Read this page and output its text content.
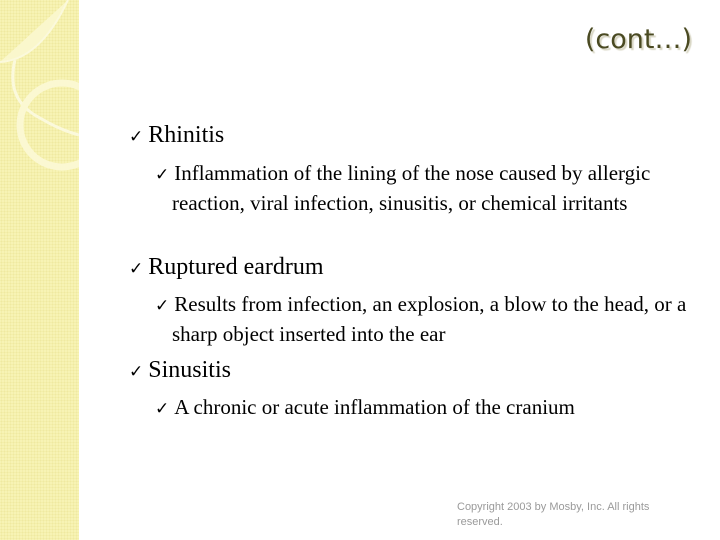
(cont…)
✓ Rhinitis
✓ Inflammation of the lining of the nose caused by allergic reaction, viral infection, sinusitis, or chemical irritants
✓ Ruptured eardrum
✓ Results from infection, an explosion, a blow to the head, or a sharp object inserted into the ear
✓ Sinusitis
✓ A chronic or acute inflammation of the cranium
Copyright 2003 by Mosby, Inc. All rights reserved.
